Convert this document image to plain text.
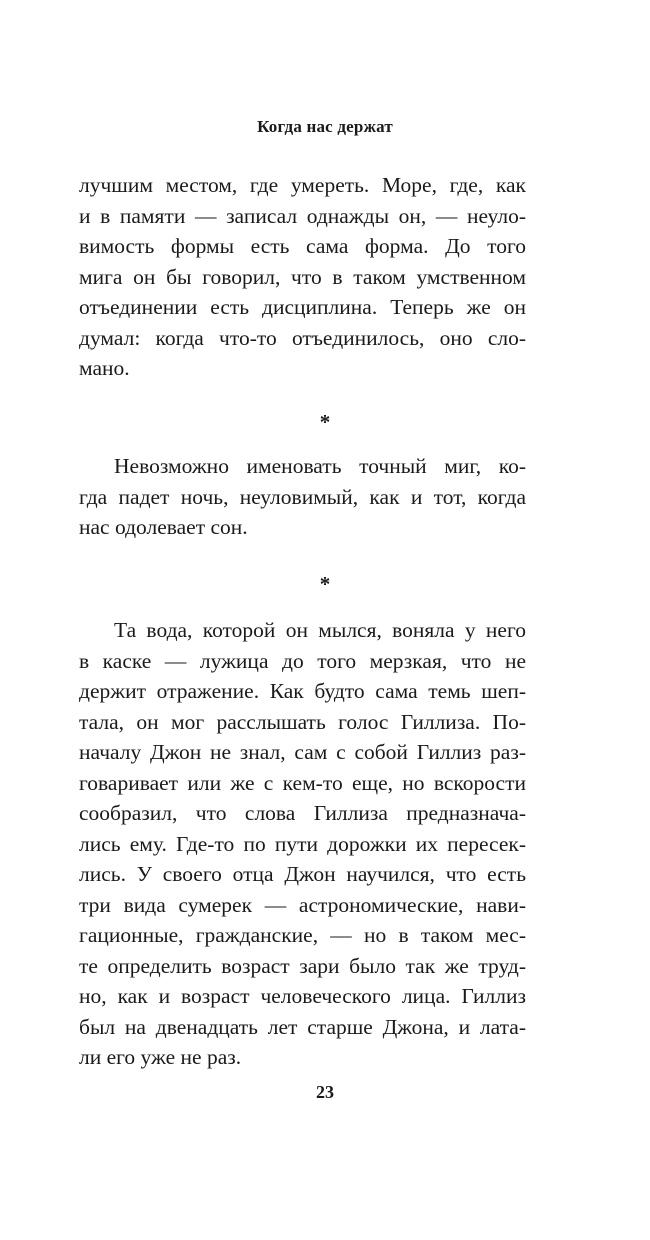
Когда нас держат
лучшим местом, где умереть. Море, где, как
и в памяти — записал однажды он, — неуло-
вимость формы есть сама форма. До того
мига он бы говорил, что в таком умственном
отъединении есть дисциплина. Теперь же он
думал: когда что-то отъединилось, оно сло-
мано.
*
Невозможно именовать точный миг, ко-
гда падет ночь, неуловимый, как и тот, когда
нас одолевает сон.
*
Та вода, которой он мылся, воняла у него
в каске — лужица до того мерзкая, что не
держит отражение. Как будто сама темь шеп-
тала, он мог расслышать голос Гиллиза. По-
началу Джон не знал, сам с собой Гиллиз раз-
говаривает или же с кем-то еще, но вскорости
сообразил, что слова Гиллиза предназнача-
лись ему. Где-то по пути дорожки их пересек-
лись. У своего отца Джон научился, что есть
три вида сумерек — астрономические, нави-
гационные, гражданские, — но в таком мес-
те определить возраст зари было так же труд-
но, как и возраст человеческого лица. Гиллиз
был на двенадцать лет старше Джона, и лата-
ли его уже не раз.
23
